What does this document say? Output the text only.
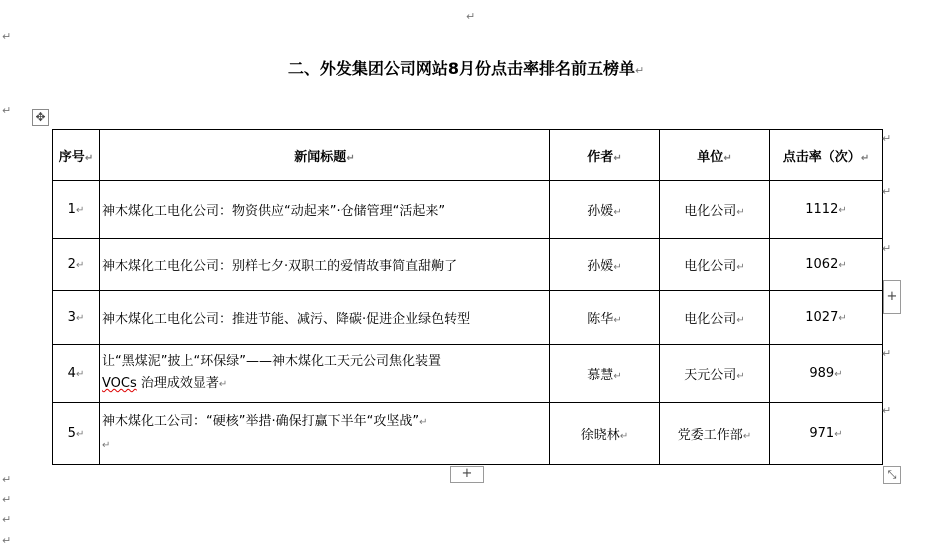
↵
↵
↵
二、外发集团公司网站8月份点击率排名前五榜单↵
✥
序号↵	新闻标题↵	作者↵	单位↵	点击率（次）↵
1↵	神木煤化工电化公司：物资供应“动起来”·仓储管理“活起来”	孙媛↵	电化公司↵	1112↵
2↵	神木煤化工电化公司：别样七夕·双职工的爱情故事简直甜齁了	孙媛↵	电化公司↵	1062↵
3↵	神木煤化工电化公司：推进节能、减污、降碳·促进企业绿色转型	陈华↵	电化公司↵	1027↵
4↵	让“黑煤泥”披上“环保绿”——神木煤化工天元公司焦化装置
VOCs 治理成效显著↵	慕慧↵	天元公司↵	989↵
5↵	神木煤化工公司：“硬核”举措·确保打赢下半年“攻坚战”↵
↵	徐晓林↵	党委工作部↵	971↵
↵
↵
↵
↵
↵
+
+	⤡
↵
↵
↵
↵
